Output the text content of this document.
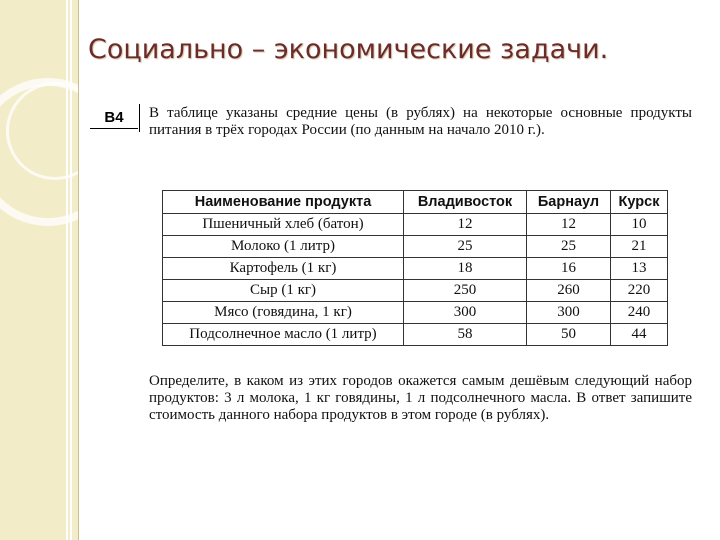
Социально – экономические задачи.
B4	В таблице указаны средние цены (в рублях) на некоторые основные продукты питания в трёх городах России (по данным на начало 2010 г.).
Наименование продукта	Владивосток	Барнаул	Курск
Пшеничный хлеб (батон)	12	12	10
Молоко (1 литр)	25	25	21
Картофель (1 кг)	18	16	13
Сыр (1 кг)	250	260	220
Мясо (говядина, 1 кг)	300	300	240
Подсолнечное масло (1 литр)	58	50	44
Определите, в каком из этих городов окажется самым дешёвым следующий набор продуктов: 3 л молока, 1 кг говядины, 1 л подсолнечного масла. В ответ запишите стоимость данного набора продуктов в этом городе (в рублях).
